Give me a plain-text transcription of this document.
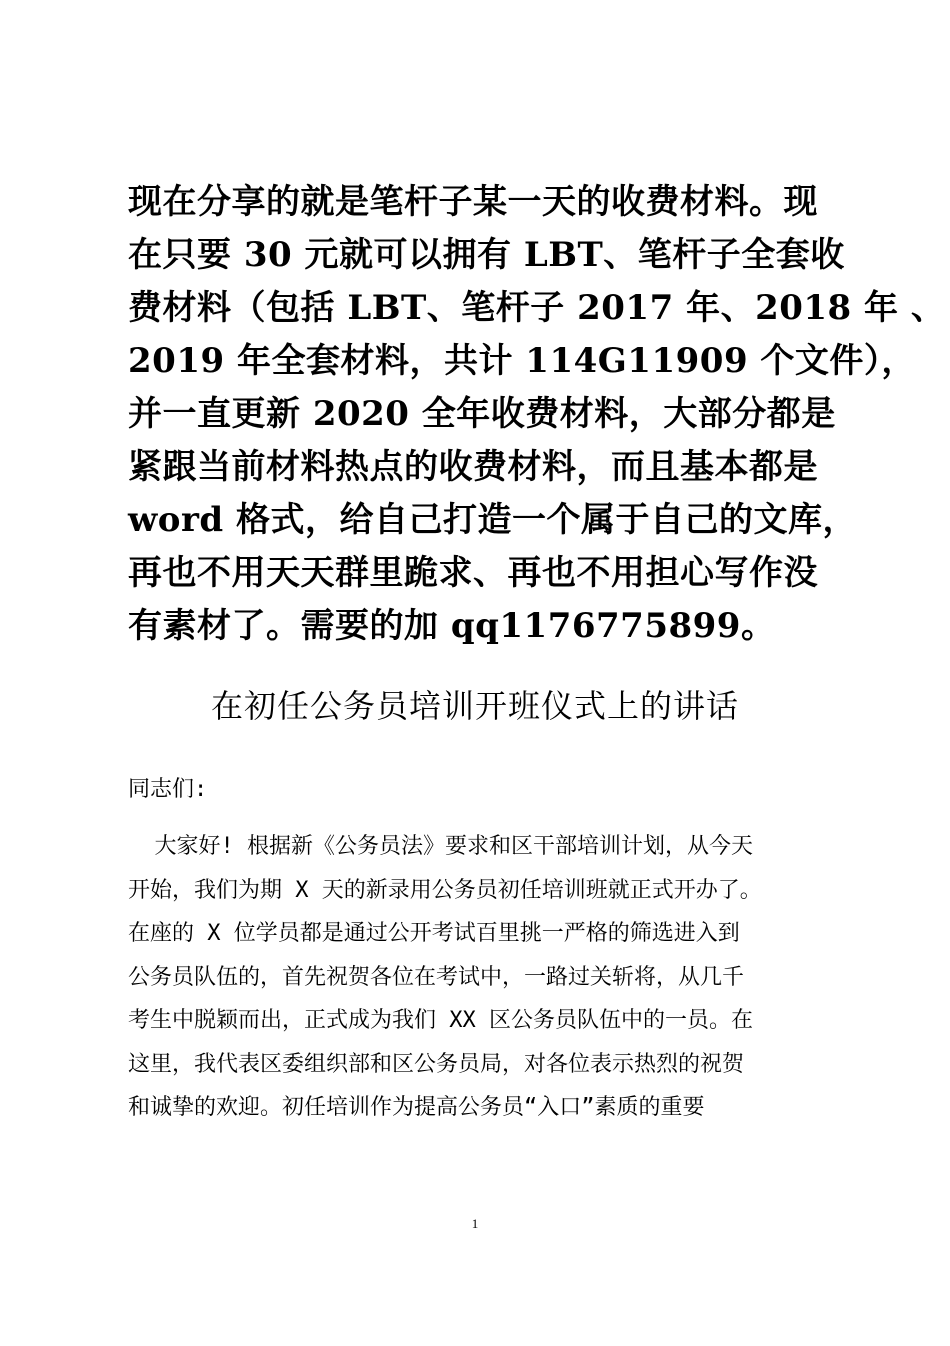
现在分享的就是笔杆子某一天的收费材料。现
在只要 30 元就可以拥有 LBT、笔杆子全套收
费材料（包括 LBT、笔杆子 2017 年、2018 年 、
2019 年全套材料，共计 114G11909 个文件），
并一直更新 2020 全年收费材料，大部分都是
紧跟当前材料热点的收费材料，而且基本都是
word 格式，给自己打造一个属于自己的文库，
再也不用天天群里跪求、再也不用担心写作没
有素材了。需要的加 qq1176775899。
在初任公务员培训开班仪式上的讲话
同志们:
大家好! 根据新《公务员法》要求和区干部培训计划，从今天
开始，我们为期 X 天的新录用公务员初任培训班就正式开办了。
在座的 X 位学员都是通过公开考试百里挑一严格的筛选进入到
公务员队伍的，首先祝贺各位在考试中，一路过关斩将，从几千
考生中脱颖而出，正式成为我们 XX 区公务员队伍中的一员。在
这里，我代表区委组织部和区公务员局，对各位表示热烈的祝贺
和诚挚的欢迎。初任培训作为提高公务员“入口”素质的重要
1
